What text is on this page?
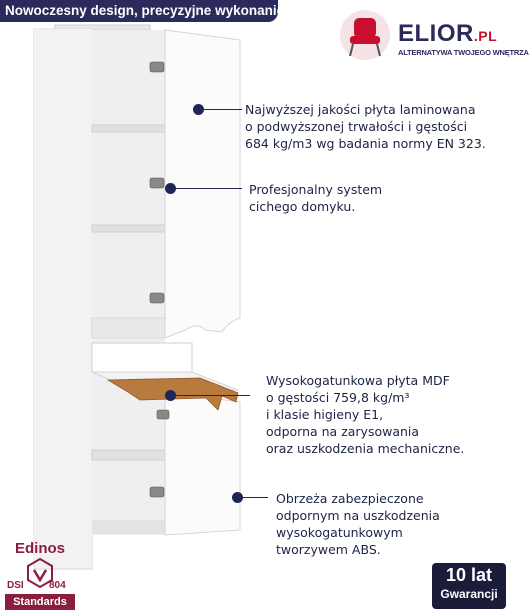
Nowoczesny design, precyzyjne wykonanie!
ELIOR.PL
ALTERNATYWA TWOJEGO WNĘTRZA
Najwyższej jakości płyta laminowana
o podwyższonej trwałości i gęstości
684 kg/m3 wg badania normy EN 323.
Profesjonalny system
cichego domyku.
Wysokogatunkowa płyta MDF
o gęstości 759,8 kg/m³
i klasie higieny E1,
odporna na zarysowania
oraz uszkodzenia mechaniczne.
Obrzeża zabezpieczone
odpornym na uszkodzenia
wysokogatunkowym
tworzywem ABS.
Edinos
DSI	804
Standards
10 lat
Gwarancji
